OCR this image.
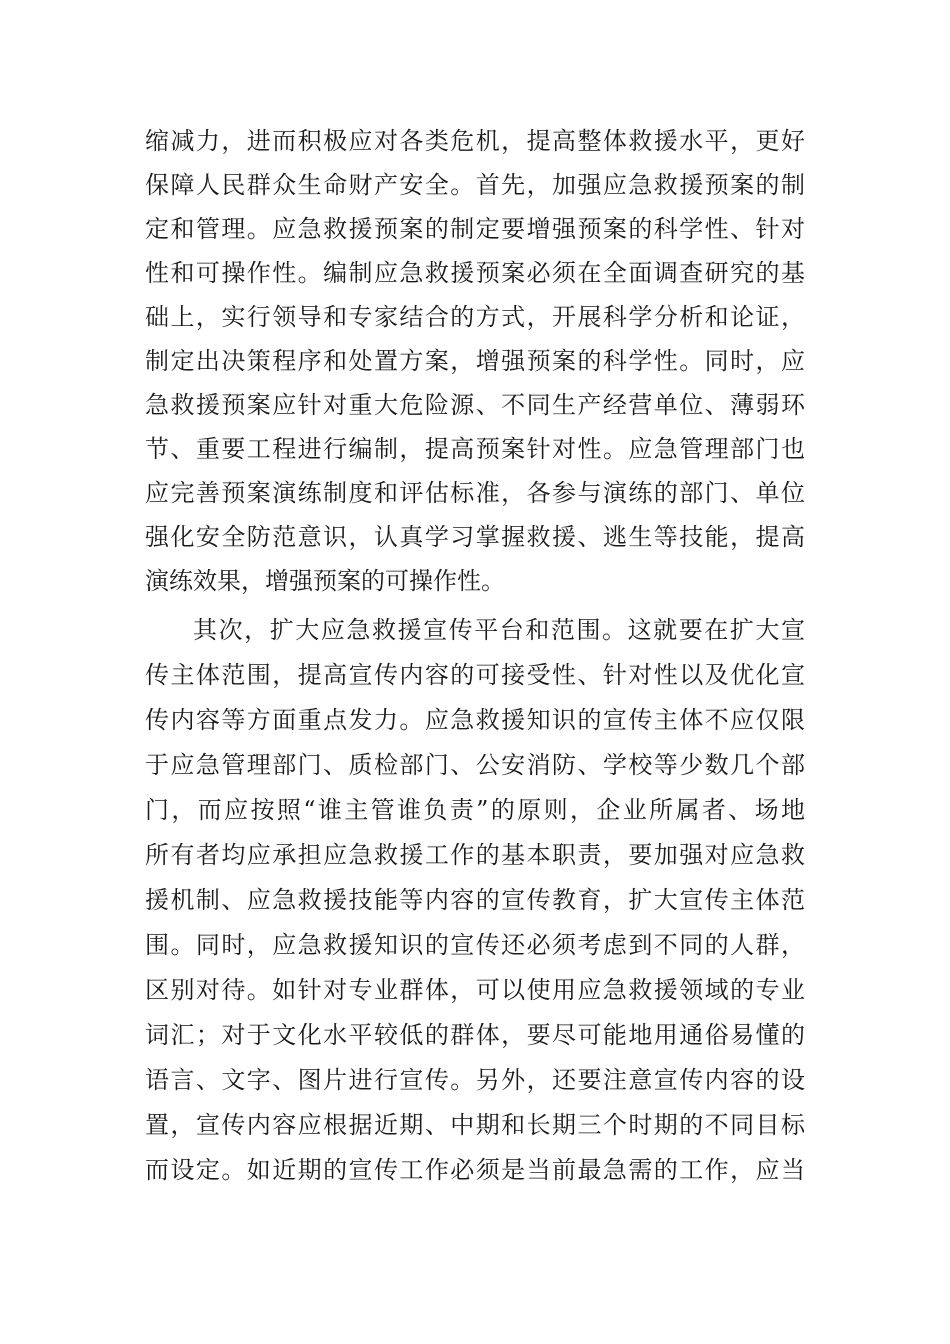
缩减力，进而积极应对各类危机，提高整体救援水平，更好
保障人民群众生命财产安全。首先，加强应急救援预案的制
定和管理。应急救援预案的制定要增强预案的科学性、针对
性和可操作性。编制应急救援预案必须在全面调查研究的基
础上，实行领导和专家结合的方式，开展科学分析和论证，
制定出决策程序和处置方案，增强预案的科学性。同时，应
急救援预案应针对重大危险源、不同生产经营单位、薄弱环
节、重要工程进行编制，提高预案针对性。应急管理部门也
应完善预案演练制度和评估标准，各参与演练的部门、单位
强化安全防范意识，认真学习掌握救援、逃生等技能，提高
演练效果，增强预案的可操作性。
其次，扩大应急救援宣传平台和范围。这就要在扩大宣
传主体范围，提高宣传内容的可接受性、针对性以及优化宣
传内容等方面重点发力。应急救援知识的宣传主体不应仅限
于应急管理部门、质检部门、公安消防、学校等少数几个部
门，而应按照“谁主管谁负责”的原则，企业所属者、场地
所有者均应承担应急救援工作的基本职责，要加强对应急救
援机制、应急救援技能等内容的宣传教育，扩大宣传主体范
围。同时，应急救援知识的宣传还必须考虑到不同的人群，
区别对待。如针对专业群体，可以使用应急救援领域的专业
词汇；对于文化水平较低的群体，要尽可能地用通俗易懂的
语言、文字、图片进行宣传。另外，还要注意宣传内容的设
置，宣传内容应根据近期、中期和长期三个时期的不同目标
而设定。如近期的宣传工作必须是当前最急需的工作，应当
